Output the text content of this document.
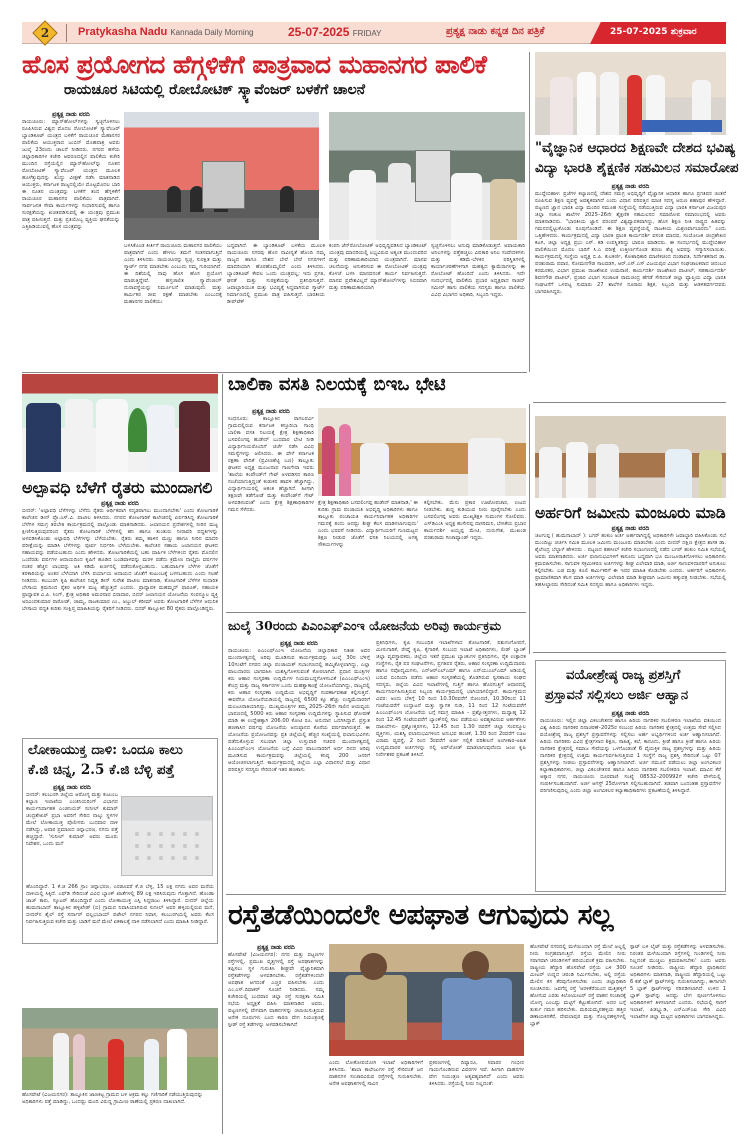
2	Pratykasha Nadu Kannada Daily Morning	25-07-2025 FRIDAY	ಪ್ರತ್ಯಕ್ಷ ನಾಡು ಕನ್ನಡ ದಿನ ಪತ್ರಿಕೆ	25-07-2025 ಶುಕ್ರವಾರ
ಹೊಸ ಪ್ರಯೋಗದ ಹೆಗ್ಗಳಿಕೆಗೆ ಪಾತ್ರವಾದ ಮಹಾನಗರ ಪಾಲಿಕೆ
ರಾಯಚೂರ ಸಿಟಿಯಲ್ಲಿ ರೋಬೋಟಿಕ್ ಸ್ಕ್ಯಾವೆಂಜರ್ ಬಳಕೆಗೆ ಚಾಲನೆ
ಪ್ರತ್ಯಕ್ಷ ನಾಡು ವರದಿ
ರಾಯಚೂರು: ಮ್ಯಾನ್‌ಹೋಲ್‌ಗಳನ್ನು ಸ್ವಚ್ಛಗೊಳಿಸಲು ರೂಪಿಸಿರುವ ವಿಶ್ವದ ಮೊದಲ ರೋಬೋಟಿಕ್ ಸ್ಕ್ಯಾವೆಂಜರ್ ಬ್ಯಾಂಡಿಕೂಟ್ ಯಂತ್ರದ ಬಳಕೆಗೆ ರಾಯಚೂರ ಮಹಾನಗರ ಪಾಲಿಕೆಯ ಆಯುಕ್ತರಾದ ಜುಬಿನ್ ಮೊಹಪಾತ್ರ ಅವರು ಜುಲೈ 23ರಂದು ಚಾಲನೆ ನೀಡಿದರು. ನಗರದ ಹಳೆಯ ಜಿಲ್ಲಾಧಿಕಾರಿಗಳ ಕಚೇರಿ ಆವರಣದಲ್ಲಿನ ಪಾಲಿಕೆಯ ಕಚೇರಿ ಮುಂದಿನ ರಸ್ತೆಯಲ್ಲಿನ ಮ್ಯಾನ್‌ಹೋಲ್‌ನ್ನು ನೂತನ ರೋಬೋಟಿಕ್ ಸ್ಕ್ಯಾವೆಂಜರ್ ಯಂತ್ರದ ಮೂಲಕ ಹೂಳೆತ್ತುವುದನ್ನು ಖುದ್ದು ವೀಕ್ಷಣೆ ನಡೆಸಿ ಮಾತನಾಡಿದ ಆಯುಕ್ತರು, ಕರ್ನಾಟಕ ರಾಜ್ಯದಲ್ಲಿಯೇ ಮೊಟ್ಟಮೊದಲ ಬಾರಿ ಈ ನೂತನ ಯಂತ್ರವನ್ನು ಬಳಕೆಗೆ ತಂದ ಹೆಗ್ಗಳಿಕೆಗೆ ರಾಯಚೂರ ಮಹಾನಗರ ಪಾಲಿಕೆಯು ಪಾತ್ರವಾಗಿದೆ. ಸಾರ್ವಜನಿಕ ಸೇವಾ ಕಾರ್ಯಗಳನ್ನು ಸುಧಾರಿಸುವಲ್ಲಿ ಹಾಗೂ ಸುರಕ್ಷತೆಯನ್ನು ಖಚಿತಪಡಿಸುವಲ್ಲಿ ಈ ಯಂತ್ರವು ಪ್ರಮುಖ ಪಾತ್ರ ವಹಿಸುತ್ತದೆ. ಮತ್ತು ಪ್ರತಿಯೊಬ್ಬ ವ್ಯಕ್ತಿಯ ಘನತೆಯನ್ನು ಎತ್ತಿಹಿಡಿಯುವಲ್ಲಿ ಹೊಸ ಯಂತ್ರವನ್ನು
ಬಳಸಿಕೊಂಡ ಕೀರ್ತಿಗೆ ರಾಯಚೂರು ಮಹಾನಗರ ಪಾಲಿಕೆಯು ಪಾತ್ರವಾಗಿದೆ ಎಂದು ಹೇಳಲು ತಮಗೆ ಸಂತಸವಾಗುತ್ತಿದೆ ಎಂದು ತಿಳಿಸಿದರು. ರಾಯಚೂರನ್ನು ಸ್ವಚ್ಛ, ಸುರಕ್ಷಿತ ಮತ್ತು ಸ್ಮಾರ್ಟ್ ನಗರ ಮಾಡಬೇಕು ಎಂಬುದು ನಮ್ಮ ಗುರಿಯಾಗಿದೆ. ಈ ದಿಶೆಯಲ್ಲಿ ನಾವು ಹೊಸ ಹೊಸ ಪ್ರಯೋಗ ಮಾಡುತ್ತಿದ್ದೇವೆ. ಹಸ್ತಚಾಲಿತ ಸ್ಕ್ಯಾವೆಂಜಿಂಗ್ ದುರಾವಸ್ಥೆಯನ್ನು ನಿರ್ಮೂಲನೆ ಮಾಡುವುದು ಮತ್ತು ಕಾರ್ಮಿಕರ ಜೀವ ರಕ್ಷಣೆ ಮಾಡಬೇಕು ಎಂಬುದಕ್ಕೆ ಮಹಾನಗರ ಪಾಲಿಕೆಯು
ಬದ್ಧವಾಗಿದೆ. ಈ ಬ್ಯಾಂಡಿಕೂಟ್ ಬಳಕೆಯ ಮೂಲಕ ರಾಯಚೂರು ನಗರವು ಹೊಸ ನಾವೀನ್ಯತೆ ಹೊಂದಿ ನಮ್ಮ ರಾಜ್ಯದ ಹಾಗೂ ದೇಶದ ಬೇರೆ ಬೇರೆ ನಗರಗಳಿಗೆ ಮಾದರಿಯಾಗಿ ಹೊರಹೊಮ್ಮಲಿದೆ ಎಂದು ತಿಳಿಸಿದರು. ಬ್ಯಾಂಡಿಕೂಟ್ ಕೇವಲ ಒಂದು ಯಂತ್ರವಲ್ಲ; ಇದು ಪ್ರಗತಿ, ಘನತೆ ಮತ್ತು ಸುರಕ್ಷತೆಯನ್ನು ಪ್ರತಿನಿಧಿಸುತ್ತದೆ. ಜವಾಬ್ದಾರಿಯುತ ಮತ್ತು ಭವಿಷ್ಯಕ್ಕೆ ಸಿದ್ಧವಾಗಿರುವ ಸ್ಮಾರ್ಟ್ ನಿರ್ಮಾಣದಲ್ಲಿ ಪ್ರಮುಖ ಪಾತ್ರ ವಹಿಸುತ್ತದೆ. ಭಾರತೀಯ ಡೀಪ್‌ಟೆಕ್
ಕಂಪನಿ ಜೆನ್‌ರೋಬೋಟಿಕ್ ಅಭಿವೃದ್ಧಿಪಡಿಸಿದ ಬ್ಯಾಂಡಿಕೂಟ್ ಯಂತ್ರವು ಮಾದರಿಯಲ್ಲಿ ಲಭ್ಯವಿರುವ ಅತ್ಯಂತ ಮುಂದುವರಿದ ಮತ್ತು ಪರಿಣಾಮಕಾರಿಯಾದ ಯಂತ್ರವಾಗಿದೆ. ಮಾನವ ಚಲನೆಯನ್ನು ಅನುಕರಿಸುವ ಈ ರೋಬೋಟಿಕ್ ಯಂತ್ರವು ಕೊಳಚೆ ಬಳಸಿ ಮಾನವನಂತೆ ಕಾರ್ಯ ನಿರ್ವಹಿಸುತ್ತದೆ. ಮಾನವ ಪ್ರವೇಶವಿಲ್ಲದೆ ಮ್ಯಾನ್‌ಹೋಲ್‌ಗಳನ್ನು ಸಿಬಿರವಾಗಿ ಮತ್ತು ಪರಿಣಾಮಕಾರಿಯಾಗಿ
ಸ್ವಚ್ಛಗೊಳಿಸಲು ಅನುವು ಮಾಡಿಕೊಡುತ್ತದೆ. ಅಪಾಯಕಾರಿ ಅನಿಲಗಳನ್ನು ಪತ್ತೆಹಚ್ಚಲು ವಿಷಕಾರಿ ಅನಿಲ ಸಂವೇದಕಗಳು ಮತ್ತು ಕಡಿಮೆ-ಬೆಳಕಿನ ಪರಿಸ್ಥಿತಿಗಳಲ್ಲಿ ಕಾರ್ಯಾಚರಣೆಗಳಿಗಾಗಿ ಮಹತ್ವದ ಕ್ಯಾಮೆರಾಗಳನ್ನು ಈ ರೋಬೋಟ್ ಹೊಂದಿದೆ ಎಂದು ತಿಳಿಸಿದರು. ಇದೇ ಸಂದರ್ಭದಲ್ಲಿ ಪಾಲಿಕೆಯ ಪ್ರಭಾರ ಅಧ್ಯಕ್ಷರಾದ ಸಾಜಿದ್ ಸಮೀರ್ ಹಾಗು ಪಾಲಿಕೆಯ ಸದಸ್ಯರು ಹಾಗೂ ಪಾಲಿಕೆಯ ವಿವಿಧ ವಿಭಾಗದ ಅಧಿಕಾರಿ, ಸಿಬ್ಬಂದಿ ಇದ್ದರು.
"ವೈಜ್ಞಾನಿಕ ಆಧಾರದ ಶಿಕ್ಷಣವೇ ದೇಶದ ಭವಿಷ್ಯ
ವಿದ್ಯಾ ಭಾರತಿ ಶೈಕ್ಷಣಿಕ ಸಹಮಿಲನ ಸಮಾರೋಪ
ಪ್ರತ್ಯಕ್ಷ ನಾಡು ವರದಿ
ಮುದ್ದೇಬಿಹಾಳ: ಪ್ರಜೆಗಳ ಕಲ್ಯಾಣದಲ್ಲಿ ದೇಶದ ಸಮಗ್ರ ಅಭಿವೃದ್ಧಿಗೆ ವೈಜ್ಞಾನಿಕ ಆಧಾರಿತ ಹಾಗೂ ಪ್ರಗತಿಪರ ಚಿಂತನೆ ರೂಪಿಸುವ ಶಿಕ್ಷಣ ವ್ಯವಸ್ಥೆ ಅವಶ್ಯಕವಾಗಿದೆ ಎಂದು ವಿಧಾನ ಪರಿಷತ್ತಿನ ಮಾಜಿ ಸದಸ್ಯ ಅರುಣ ಶಹಾಪುರ ಹೇಳಿದ್ದಾರೆ. ಪಟ್ಟಣದ ಜ್ಞಾನ ಭಾರತಿ ವಿದ್ಯಾ ಮಂದಿರ ಸಮೂಹ ಸಂಸ್ಥೆಯಲ್ಲಿ ನಡೆಯುತ್ತಿರುವ ವಿದ್ಯಾ ಭಾರತಿ ಕರ್ನಾಟಕ ವಿಜಯಪುರ ಜಿಲ್ಲಾ ಸಂಕುಲ ಶಾಲೆಗಳ 2025–26ನೇ ಶೈಕ್ಷಣಿಕ ಸಹಮಿಲನದ ಸಮಾರೋಪ ಸಮಾರಂಭದಲ್ಲಿ ಅವರು ಮಾತನಾಡಿದರು. "ಭಾರತೀಯ ಜ್ಞಾನ ಪರಂಪರೆ ವಿಶ್ವವ್ಯಾಪಕವಾಗಿದ್ದು, ಹೊಸ ಶಿಕ್ಷಣ ನೀತಿ ರಾಷ್ಟ್ರದ ಹಿತವನ್ನು ಗಮನದಲ್ಲಿಟ್ಟುಕೊಂಡು ರೂಪುಗೊಂಡಿದೆ. ಈ ಶಿಕ್ಷಣ ವ್ಯವಸ್ಥೆಯಲ್ಲಿ ರಾಜಕೀಯ ಮಿಶ್ರಣವಾಗಬಾರದು" ಎಂದು ಒತ್ತಿಹೇಳಿದರು. ಕಾರ್ಯಕ್ರಮದಲ್ಲಿ ವಿದ್ಯಾ ಭಾರತಿ ಪ್ರಾಂತ ಕಾರ್ಯದರ್ಶಿ ವಸಂತ ಮಾಧವ, ಸಂಯೋಜಕ ಚಂದ್ರಶೇಖರ ಕಟಗಿ, ಜಿಲ್ಲಾ ಅಧ್ಯಕ್ಷ ಪ್ರಭು ಎಸ್. ಕಡಿ ಉಪಸ್ಥಿತರಿದ್ದು ಭಾಷಣ ಮಾಡಿದರು. ಈ ಸಂದರ್ಭದಲ್ಲಿ ಮುದ್ದೇಬಿಹಾಳ ಪಾಲಿಕೆಯಿಂದ ಮೊದಲ ಬಾರಿಗೆ ಸಿ.ಎ ಪರೀಕ್ಷೆ ಉತ್ತೀರ್ಣಗೊಂಡ ಶರಣು ಶೆಟ್ಟಿ ಅವರನ್ನು ಸನ್ಮಾನಿಸಲಾಯಿತು. ಕಾರ್ಯಕ್ರಮದಲ್ಲಿ ಸಂಸ್ಥೆಯ ಅಧ್ಯಕ್ಷ ಬಿ.ಪಿ. ಕುಲಕರ್ಣಿ, ಕೋಶಾಧಿಕಾರಿ ಮಾಣಿಕಚಂದ ದಂಡಾವತಿ, ನಿರ್ದೇಶಕರಾದ ಡಾ. ಪರಶುರಾಮ ಪವಾರ, ಸೋಮನಗೌಡ ಸಾಲವಡಗಿ, ಆರ್‌.ಎಸ್‌.ಎಸ್ ವಿಜಯಪುರ ವಿಭಾಗ ಸಂಘಚಾಲಕರಾದ ಚಿದಂಬರ ಕರಮರಕರ, ವಿಭಾಗ ಪ್ರಮುಖ ರಾಜಶೇಖರ ಉಮರಾಣಿ, ಕಾರ್ಯದರ್ಶಿ ರಾಜಶೇಖರ ಪಾಟೀಲ್, ಸಹಕಾರ್ಯದರ್ಶಿ ಶಿವನಗೌಡ ಪಾಟೀಲ್, ಪ್ರಚಾರ ವಿಭಾಗ ಸಂಚಾಲಕ ರಾಮಚಂದ್ರ ಹೆಗಡೆ ಸೇರಿದಂತೆ ಜಿಲ್ಲಾ ವ್ಯಾಪ್ತಿಯ ವಿದ್ಯಾ ಭಾರತಿ ಸಂಘಟನೆಗೆ ಒಳಪಟ್ಟ ಸುಮಾರು 27 ಶಾಲೆಗಳ ನೂರಾರು ಶಿಕ್ಷಕ, ಸಿಬ್ಬಂದಿ ಮತ್ತು ಆಡಳಿತವರ್ಗದವರು ಭಾಗವಹಿಸಿದ್ದರು.
ಅಲ್ಪಾವಧಿ ಬೆಳೆಗೆ ರೈತರು ಮುಂದಾಗಲಿ
ಪ್ರತ್ಯಕ್ಷ ನಾಡು ವರದಿ
ಬೀದರ್: 'ಅಲ್ಪಾವಧಿ ಬೆಳೆಗಳನ್ನು ಬೆಳೆದು ರೈತರು ಆರ್ಥಿಕವಾಗಿ ಸದೃಢರಾಗಲು ಮುಂದಾಗಬೇಕು' ಎಂದು ತೋಟಗಾರಿಕೆ ಕಾಲೇಜಿನ ಡೀನ್ ಪ್ರೊ.ಎಸ್.ವಿ. ಪಾಟೀಲ ತಿಳಿಸಿದರು. ನಗರದ ತೋಟಗಾರಿಕೆ ಕಾಲೇಜಿನಲ್ಲಿ ಏರ್ಪಡಿಸಿದ್ದ ತೋಟಗಾರಿಕೆ ಬೆಳೆಗಳ ಸಮಗ್ರ ತರಬೇತಿ ಕಾರ್ಯಕ್ರಮದಲ್ಲಿ ಪಾಲ್ಗೊಂಡು ಮಾತನಾಡಿದರು. ಜಲಾನಯನ ಪ್ರದೇಶಗಳಲ್ಲಿ ನೀರಿನ ಮಟ್ಟ ಕ್ಷೀಣಿಸುತ್ತಿರುವುದರಿಂದ ರೈತರು ತೋಟಗಾರಿಕೆ ಬೆಳೆಗಳಲ್ಲಿ ಹನಿ ಹಾಗೂ ತುಂತುರು ನೀರಾವರಿ ಪದ್ಧತಿಗಳನ್ನು ಅಳವಡಿಸಿಕೊಂಡು ಅಲ್ಪಾವಧಿ ಬೆಳೆಗಳನ್ನು ಬೆಳೆಯಬೇಕು. ರೈತರು ತಮ್ಮ ಹಾಳಿನ ಮಣ್ಣು ಹಾಗೂ ನೀರಿನ ಮಾದರಿ ಪರೀಕ್ಷೆಯನ್ನು ಮಾಡಿಸಿ ಬೆಳೆಗಳನ್ನು ಪೂರ್ವ ನಿರ್ಧರಿಸಿ ಬೆಳೆಯಬೇಕು. ಕಾಲೇಜಿನ ಸಹಾಯ ಜಲಾನಯನ ಘಟಕದ ಸಹಾಯವನ್ನು ಪಡೆಯಬಹುದು ಎಂದು ಹೇಳಿದರು. ತೋಟಗಾರಿಕೆಯಲ್ಲಿ ಬಹು ವಾರ್ಷಿಕ ಬೆಳೆಗಳಿಂದ ರೈತರು ಮೊದಲಿನ ಒಂದೆರಡು ವರ್ಷಗಳ ಆದಾಯದಿಂದ ಕೃಷಿಗೆ ಹೂಡಿದ ಬಂಡವಾಳವನ್ನು ಮರಳಿ ಪಡೆದು ಕ್ರಮೇಣ ನಾಲ್ಕೈದು ವರ್ಷಗಳ ನಂತರ ಹೆಚ್ಚಿನ ಲಾಭವನ್ನು ಅತಿ ಕಡಿಮೆ ಖರ್ಚಿನಲ್ಲಿ ಪಡೆದುಕೊಳ್ಳಬಹುದು. ಬಹುವಾರ್ಷಿಕ ಬೆಳೆಗಳ ಜೊತೆಗೆ ತರಕಾರಿಯನ್ನು ಅಂತರ ಬೆಳೆಯಾಗಿ ಬೆಳೆಸಿ ಪರ್ಯಾಯ ಆದಾಯದ ಜೊತೆಗೆ ಕುಟುಂಬಕ್ಕೆ ಬಳಸಬಹುದು ಎಂದು ಸಲಹೆ ನೀಡಿದರು. ಕಲಬುರಗಿ ಕೃಷಿ ಕಾಲೇಜಿನ ನಿವೃತ್ತ ಡೀನ್ ಸುರೇಶ ಪಾಟೀಲ ಮಾತನಾಡಿ, ತೋಟಗಾರಿಕೆ ಬೆಳೆಗಳ ಸುಧಾರಿತ ಬೇಸಾಯ ಕ್ರಮದಿಂದ ರೈತರ ಆರ್ಥಿಕ ಮಟ್ಟ ಹೆಚ್ಚುತ್ತದೆ ಎಂದರು. ಪ್ರಾಧ್ಯಾಪಕ ಮಹಮ್ಮದ್ ಫಾರೂಕ್, ಸಹಾಯಕ ಪ್ರಾಧ್ಯಾಪಕ ವಿ.ಪಿ. ಸಿಂಗ್, ಕ್ಷೇತ್ರ ಅಧಿಕಾರಿ ಅಮರನಾಥ ಬಿರಾದಾರ, ಬಿದರ್ ಜಲಾನಯನ ಯೋಜನೆಯ ಸಂಪನ್ಮೂಲ ವ್ಯಕ್ತಿ ಅರವಿಂದಕುಮಾರ ರಾಠೋಡ್, ಚಾಮ್ಯ, ರಾಜಕುಮಾರ ಎಂ., ಅಬ್ದುಲ್ ಕರೀಮ್ ಅವರು ತೋಟಗಾರಿಕೆ ಬೆಳೆಗಳ ಆಧುನಿಕ ಬೇಸಾಯ ಪದ್ಧತಿ ಕುರಿತು ಸಂಕ್ಷಿಪ್ತ ಮಾಹಿತಿಯನ್ನು ರೈತರಿಗೆ ನೀಡಿದರು. ಬಿದರ್ ತಾಲ್ಲೂಕಿನ 80 ರೈತರು ಪಾಲ್ಗೊಂಡಿದ್ದರು.
ಬಾಲಿಕಾ ವಸತಿ ನಿಲಯಕ್ಕೆ ಬಿಇಒ ಭೇಟಿ
ಪ್ರತ್ಯಕ್ಷ ನಾಡು ವರದಿ
ಸಿಂಧನೂರು: ತಾಲ್ಲೂಕಿನ ರಾಗಲಪರ್ವಿ ಗ್ರಾಮದಲ್ಲಿರುವ ಕರ್ನಾಟಕ ಕಸ್ತೂರಿಬಾ ಗಾಂಧಿ ಬಾಲಿಕಾ ವಸತಿ ನಿಲಯಕ್ಕೆ ಕ್ಷೇತ್ರ ಶಿಕ್ಷಣಾಧಿಕಾರಿ ಬಸವಲಿಂಗಪ್ಪ ಹುಡೇದ್ ಬುಧವಾರ ಭೇಟಿ ನೀಡಿ ವಿದ್ಯಾರ್ಥಿನಿಯರೊಂದಿಗೆ ಚರ್ಚೆ ನಡೆಸಿ ವಿವಿಧ ಸಮಸ್ಯೆಗಳನ್ನು ಆಲಿಸಿದರು. ಈ ವೇಳೆ ಕರ್ನಾಟಕ ರಕ್ಷಣಾ ವೇದಿಕೆ (ಪ್ರವೀಣಶೆಟ್ಟಿ ಬಣ) ತಾಲ್ಲೂಕು ಘಟಕದ ಅಧ್ಯಕ್ಷ ಮಂಜುನಾಥ ಗಾಣಗೇರಾ ಇವರು 'ಶಾಲೆಯ ಕಂಪೌಂಡ್‌ಗೆ ಗೇಟ್ ಅಳವಡಿಸದ ಕಾರಣ ಸಂಜೆಯಾಗುತ್ತಿದ್ದಂತೆ ಕುಡುಕರ ಹಾವಳಿ ಹೆಚ್ಚಾಗಿದ್ದು, ವಿದ್ಯಾರ್ಥಿನಿಯರಲ್ಲಿ ಆತಂಕ ಹೆಚ್ಚಾಗಿದೆ. ಹೀಗಾಗಿ ತಕ್ಷಣವೇ ತಡೆಗೋಡೆ ಮತ್ತು ಕಂಪೌಂಡ್‌ಗೆ ಗೇಟ್ ಅಳವಡಿಸುವಂತೆ' ಎಂದು ಕ್ಷೇತ್ರ ಶಿಕ್ಷಣಾಧಿಕಾರಿಗಳ ಗಮನ ಸೆಳೆದರು.
ಕ್ಷೇತ್ರ ಶಿಕ್ಷಣಾಧಿಕಾರಿ ಬಸವಲಿಂಗಪ್ಪ ಹುಡೇದ್ ಮಾತನಾಡಿ,' ಈ ಕುರಿತು ಗ್ರಾಮ ಪಂಚಾಯತಿ ಅಭಿವೃದ್ಧಿ ಅಧಿಕಾರಿಗಳು ಹಾಗೂ ತಾಲ್ಲೂಕು ಪಂಚಾಯತಿ ಕಾರ್ಯನಿರ್ವಾಹಕ ಅಧಿಕಾರಿಗಳ ಗಮನಕ್ಕೆ ತಂದು ಆದಷ್ಟು ಶೀಘ್ರ ಕೆಲಸ ಮಾಡಿಸಲಾಗುವುದು' ಎಂದು ಭರವಸೆ ನೀಡಿದರು. ವಿದ್ಯಾರ್ಥಿನಿಯರಿಗೆ ಗುಣಮಟ್ಟದ ಶಿಕ್ಷಣ ನೀಡುವ ಜೊತೆಗೆ ವಸತಿ ನಿಲಯದಲ್ಲಿ ಅಗತ್ಯ ಸೌಕರ್ಯಗಳನ್ನು
ಕಲ್ಪಿಸಬೇಕು. ಮೆನು ಪ್ರಕಾರ ಊಟೋಪಚಾರ, ಉಟದ ನೀಡಬೇಕು. ಶುದ್ಧ ಕುಡಿಯುವ ನೀರು ಪೂರೈಸಬೇಕು ಎಂದು ಬಸವಲಿಂಗಪ್ಪ ಅವರು ಮುಖ್ಯಶಿಕ್ಷಕಿ ಸುಮಂಗಳ ಸೋಲಿವರು. ಎಸ್‌ಡಿಎಂಸಿ ಅಧ್ಯಕ್ಷ ಹುಸೇನಪ್ಪ ದಾಸರಿಮನಿ, ಬೇಸಿಕೆಯ ಪ್ರಭಾರ ಕಾರ್ಯದರ್ಶಿ ಅಯ್ಯಪ್ಪ ಮೇಟಿ, ದುರುಗೇಶ, ಮುಖಂಡ ಪರಶುರಾಮ ಗೀಚಾಪ್ಯಾಂಡ್ ಇದ್ದರು.
ಅರ್ಹರಿಗೆ ಜಮೀನು ಮಂಜೂರು ಮಾಡಿ
ಪ್ರತ್ಯಕ್ಷ ನಾಡು ವರದಿ
ಚಿಟಗುಪ್ಪ ( ಹುಮನಾಬಾದ್ ): ಬಗರ್ ಹುಕುಂ ಅರ್ಜಿ ಅರ್ಹರಾಗಿದ್ದಲ್ಲಿ ಅಧಿಕಾರಿಗಳೇ ಜವಾಬ್ದಾರಿ ವಹಿಸಿಕೊಂಡು ಸಭೆ ಮುಂದಿಟ್ಟು ಚರ್ಚಿಸಿ ಸಮಿತಿ ಮೂಲಕ ಜಮೀನು ಮಂಜೂರು ಮಾಡಬೇಕು ಎಂದು ಬೀದರ್ ದಕ್ಷಿಣ ಕ್ಷೇತ್ರದ ಶಾಸಕ ಡಾ. ಶೈಲೇಂದ್ರ ಬೆಲ್ದಾಳೆ ಹೇಳಿದರು . ಪಟ್ಟಣದ ತಹಸೀಲ್ ಕಚೇರಿ ಸಭಾಂಗಣದಲ್ಲಿ ನಡೆದ ಬಗರ್ ಹುಕುಂ ಸಮಿತಿ ಸಭೆಯಲ್ಲಿ ಅವರು ಮಾತನಾಡಿದರು. ಅರ್ಜಿ ಫಲಾನುಭವಿಗಳಿಗೆ ಕಾನೂನು ಬದ್ಧವಾಗಿ ಭೂ ಮಂಜೂರಾತಿಗೊಳಿಸಲು ಅಧಿಕಾರಿಗಳು ಕ್ರಮವಹಿಸಬೇಕು. ಸಾಗುವಳಿ ಸಕ್ರಮೀಕರಣ ಅರ್ಜಿಗಳನ್ನು ಶೀಘ್ರ ವಿಲೇವಾರಿ ಮಾಡಿ, ಅರ್ಜಿ ಸಾಗುವಳಿದಾರರಿಗೆ ಅನುಕೂಲ ಕಲ್ಪಿಸಬೇಕು. ಬಡ ಮತ್ತು ಕೂಲಿ ಕಾರ್ಮಿಕರಿಗೆ ಈ ಇದರ ಮಾಹಿತಿ ಕೊಡಬೇಕು ಎಂದರು. ಅರ್ಹರಿಗೆ ಅಧಿಕಾರಿಗಳು ಪ್ರಾಮಾಣಿಕವಾಗಿ ಕೆಲಸ ಮಾಡಿ ಅರ್ಜಿಗಳನ್ನು ವಿಲೇವಾರಿ ಮಾಡಿ ಶೀಘ್ರವಾಗಿ ಜಮೀನು ಹಕ್ಕುಪತ್ರ ನೀಡಬೇಕು. ಸಭೆಯಲ್ಲಿ ತಹಸೀಲ್ದಾರರು ಸೇರಿದಂತೆ ಸಮಿತಿ ಸದಸ್ಯರು ಹಾಗೂ ಅಧಿಕಾರಿಗಳು ಇದ್ದರು.
ಜುಲೈ 30ರಂದು ಪಿಎಂಎಫ್‌ಎಂಇ ಯೋಜನೆಯ ಅರಿವು ಕಾರ್ಯಕ್ರಮ
ಪ್ರತ್ಯಕ್ಷ ನಾಡು ವರದಿ
ರಾಯಚೂರು: ಪಿಎಂಎಫ್‌ಎಂಇ ಯೋಜನೆಯ ಜಿಲ್ಲಾಧಿಕಾರಿ ನಿತೀಶ ಅವರ ಮುಂದಾಳತ್ವದಲ್ಲಿ ಅರಿವು ಮೂಡಿಸುವ ಕಾರ್ಯಕ್ರಮವನ್ನು ಜುಲೈ 30ರ ಬೆಳಿಗ್ಗೆ 10ಗಂಟೆಗೆ ನಗರದ ಜಿಲ್ಲಾ ಪಂಚಾಯತ್ ಸಭಾಂಗಣದಲ್ಲಿ ಹಮ್ಮಿಕೊಳ್ಳಲಾಗಿದ್ದು, ಎಲ್ಲಾ ಪಾಲುದಾರರು ಭಾಗವಹಿಸಿ ಯಶಸ್ವಿಗೊಳಿಸುವಂತೆ ಕೋರಲಾಗಿದೆ. ಪ್ರಧಾನ ಮಂತ್ರಿಗಳ ಕಿರು ಆಹಾರ ಸಂಸ್ಕರಣಾ ಉದ್ದಿಮೆಗಳ ನಿಯಮಬದ್ಧಗೊಳಿಸುವಿಕೆ (ಪಿಎಂಎಫ್‌ಎಂಇ) ಕೇಂದ್ರ ಮತ್ತು ರಾಜ್ಯ ಸರ್ಕಾರಗಳ ಒಂದು ಮಹತ್ವಾಕಾಂಕ್ಷೆ ಯೋಜನೆಯಾಗಿದ್ದು, ರಾಜ್ಯದಲ್ಲಿ ಕಿರು ಆಹಾರ ಸಂಸ್ಕರಣಾ ಉದ್ದಿಮೆಯ ಅಭಿವೃದ್ಧಿಗೆ ಸುವರ್ಣಾವಕಾಶ ಕಲ್ಪಿಸುತ್ತದೆ. ಈವರೆಗೂ ಯೋಜನೆಯಡಿಯಲ್ಲಿ ರಾಜ್ಯದಲ್ಲಿ 6500 ಕ್ಕೂ ಹೆಚ್ಚು ಉದ್ದಿಮೆದಾರರಿಗೆ ಮಂಜೂರಾತಿಯಾಗಿದ್ದು, ಮುಖ್ಯಮಂತ್ರಿಗಳ ತಮ್ಮ 2025–26ನೇ ಸಾಲಿನ ಆಯವ್ಯಯ ಭಾಷಣದಲ್ಲಿ 5000 ಕಿರು ಆಹಾರ ಸಂಸ್ಕರಣಾ ಉದ್ದಿಮೆಗಳನ್ನು ಸ್ಥಾಪಿಸುವ ಘೋಷಣೆ ಮಾಡಿ ಈ ಉದ್ದೇಶಕ್ಕಾಗಿ 206.00 ಕೋಟಿ ರೂ. ಅನುದಾನ ಒದಗಿಸಿದ್ದಾರೆ. ಪ್ರಸ್ತುತ ಹಣಕಾಸಿನ ವರ್ಷವು ಯೋಜನೆಯ ಅನುಷ್ಠಾನದ ಕೊನೆಯ ವರ್ಷವಾಗಿರುತ್ತದೆ. ಈ ಯೋಜನೆಯ ಪ್ರಯೋಜನವನ್ನು ಪ್ರತಿ ಜಿಲ್ಲೆಯಲ್ಲಿ ಹೆಚ್ಚಿನ ಸಂಖ್ಯೆಯಲ್ಲಿ ಫಲಾನುಭವಿಗಳು ಪಡೆದುಕೊಳ್ಳುವ ಸಲುವಾಗಿ ಜಿಲ್ಲಾ ಉಸ್ತುವಾರಿ ಸಚಿವರ ಮುಂದಾಳತ್ವದಲ್ಲಿ ಪಿಎಂಎಫ್‌ಎಂಇ ಯೋಜನೆಯ ಬಗ್ಗೆ ವಿವಿಧ ಪಾಲುದಾರರಿಗೆ ಅರ್ಧ ದಿನದ ಅರಿವು ಮೂಡಿಸುವ ಕಾರ್ಯಕ್ರಮವನ್ನು ಜಿಲ್ಲೆಯಲ್ಲಿ ಕನಿಷ್ಠ 200 ಜನರಿಗೆ ಆಯೋಜಿಸಲಾಗುತ್ತಿದೆ. ಕಾರ್ಯಕ್ರಮದಲ್ಲಿ ಜಿಲ್ಲೆಯ ಎಲ್ಲಾ ವಿಧಾನಸಭೆ ಮತ್ತು ವಿಧಾನ ಪರಿಷತ್ತಿನ ಸದಸ್ಯರು ಸೇರಿದಂತೆ ಇತರ ಹಣಕಾಸು
ಪ್ರತಿನಿಧಿಗಳು, ಕೃಷಿ ಸಂಬಂಧಿತ ಇಲಾಖೆಗಳಾದ ತೋಟಗಾರಿಕೆ, ಪಶುಸಂಗೋಪನೆ, ಮೀನುಗಾರಿಕೆ, ರೇಷ್ಮೆ ಕೃಷಿ, ಕೈಗಾರಿಕೆ, ಸಂಬಂಧ ಇಲಾಖೆ ಅಧಿಕಾರಿಗಳು, ಲೀಡ್ ಬ್ಯಾಂಕ್ ಜಿಲ್ಲಾ ವ್ಯವಸ್ಥಾಪಕರು, ಜಿಲ್ಲೆಯ ಇತರೆ ಪ್ರಮುಖ ಬ್ಯಾಂಕುಗಳ ಪ್ರತಿನಿಧಿಗಳು, ರೈತ ಉತ್ಪಾದಕ ಸಂಸ್ಥೆಗಳು, ರೈತ ಪರ ಸಂಘಟನೆಗಳು, ಪ್ರಗತಿಪರ ರೈತರು, ಆಹಾರ ಸಂಸ್ಕರಣಾ ಉದ್ದಿಮೆದಾರರು ಹಾಗೂ ನವೋದ್ಯಮಿಗಳು, ಎನ್‌ಆರ್‌ಎಲ್‌ಎಮ್ ಹಾಗೂ ಎನ್‌ಯುಎಲ್‌ಎಮ್ ಅಡಿಯಲ್ಲಿ ಬರುವ ಬಿಂದಿಯಾ ಪಡೆದು ಆಹಾರ ಸಂಸ್ಕರಣೆಯಲ್ಲಿ ತೊಡಗಿರುವ ಸ್ವಸಹಾಯ ಸಂಘದ ಸದಸ್ಯರು, ಜಿಲ್ಲೆಯ ವಿವಿಧ ಇಲಾಖೆಗಳಲ್ಲಿ ಗುತ್ತಿಗೆ ಹಾಗೂ ಹೊರಗುತ್ತಿಗೆ ಆಧಾರದಲ್ಲಿ ಕಾರ್ಯನಿರ್ವಹಿಸುತ್ತಿರುವ ಸಿಬ್ಬಂದಿ ಕಾರ್ಯಕ್ರಮದಲ್ಲಿ ಭಾಗಿಯಾಗಲಿದ್ದಾರೆ. ಕಾರ್ಯಕ್ರಮದ ವಿವರ: ಅಂದು ಬೆಳಿಗ್ಗೆ 10 ರಿಂದ 10.30ರವರೆಗೆ ನೋಂದಣಿ, 10.30ರಿಂದ 11 ಗಂಟೆಯವರೆಗೆ ಉದ್ಘಾಟನೆ ಮತ್ತು ಸ್ವಾಗತ ನುಡಿ, 11 ರಿಂದ 12 ಗಂಟೆಯವರೆಗೆ ಪಿಎಂಎಫ್‌ಎಂಇ ಯೋಜನೆಯ ಬಗ್ಗೆ ಸಮಗ್ರ ಮಾಹಿತಿ – ಪ್ರಶ್ನೋತ್ತರಗಳು, ಮಧ್ಯಾಹ್ನ 12 ರಿಂದ 12.45 ಗಂಟೆಯವರೆಗೆ ಬ್ಯಾಂಕ್‌ನಲ್ಲಿ ಸಾಲ ಪಡೆಯಲು ಅವಶ್ಯಕವಿರುವ ಅರ್ಹತೆಗಳು ದಾಖಲೆಗಳು- ಪ್ರಶ್ನೋತ್ತರಗಳು, 12.45 ರಿಂದ 1.30 ರವರೆಗೆ ಜಿಲ್ಲಾ ಸಂಪನ್ಮೂಲ ವ್ಯಕ್ತಿಗಳು, ಯಶಸ್ವಿ ಫಲಾನುಭವಿಗಳಿಂದ ಅನುಭವ ಹಂಚಿಕೆ, 1.30 ರಿಂದ 2ರವರೆಗೆ ಊಟ ವಿರಾಮ ವ್ಯವಸ್ಥೆ, 2 ರಿಂದ 3ರವರೆಗೆ ಅರ್ಜಿ ಸಲ್ಲಿಕೆ ಪರಿಶೀಲನೆ ಅಂಗೀಕಾರ-ಅಹಿತ ಉದ್ಯಮದಾರರ ಅರ್ಜಿಗಳನ್ನು ನಲ್ಲಿ ಅಪ್‌ಲೋಡ್ ಮಾಡಲಾಗುವುದೆಂದು ಜಂಟಿ ಕೃಷಿ ನಿರ್ದೇಶಕರ ಪ್ರಕಟಣೆ ತಿಳಿಸಿದೆ.
ವಯೋಶ್ರೇಷ್ಠ ರಾಜ್ಯ ಪ್ರಶಸ್ತಿಗೆ
ಪ್ರಸ್ತಾವನೆ ಸಲ್ಲಿಸಲು ಅರ್ಜಿ ಆಹ್ವಾನ
ಪ್ರತ್ಯಕ್ಷ ನಾಡು ವರದಿ
ರಾಯಚೂರು: ಇಲ್ಲಿನ ಜಿಲ್ಲಾ ವಿಕಲಚೇತನರ ಹಾಗೂ ಹಿರಿಯ ನಾಗರಿಕರ ಸಬಲೀಕರಣ ಇಲಾಖೆಯ ವತಿಯಿಂದ ವಿಶ್ವ ಹಿರಿಯ ನಾಗರಿಕರ ದಿನಾಚರಣೆ–2025ರ ಸಂಬಂಧ ಹಿರಿಯ ನಾಗರಿಕರ ಕ್ಷೇತ್ರದಲ್ಲಿ ಉತ್ತಮ ಸೇವೆ ಸಲ್ಲಿಸಿದ ವಯೋಶ್ರೇಷ್ಠ ರಾಜ್ಯ ಪ್ರಶಸ್ತಿಗೆ ಪ್ರಸ್ತಾವನೆಗಳನ್ನು ಸಲ್ಲಿಸಲು ಅರ್ಹ ಅಭ್ಯರ್ಥಿಗಳಿಂದ ಅರ್ಜಿ ಆಹ್ವಾನಿಸಲಾಗಿದೆ. ಹಿರಿಯ ನಾಗರಿಕರು ವಿವಿಧ ಕ್ಷೇತ್ರಗಳಾದ ಶಿಕ್ಷಣ, ಸಾಹಿತ್ಯ, ಕಲೆ, ಕಾನೂನು, ಕ್ರೀಡೆ ಹಾಗೂ ಕ್ರೀಡೆ ಹಾಗೂ ಹಿರಿಯ ನಾಗರಿಕರ ಕ್ಷೇತ್ರದಲ್ಲಿ ಸಮಾಜ ಸೇವೆಯನ್ನು ಒಳಗೊಂಡಂತೆ 6 ವೈಯಕ್ತಿಕ ರಾಜ್ಯ ಪ್ರಶಸ್ತಿಗಳನ್ನು ಮತ್ತು ಹಿರಿಯ ನಾಗರಿಕರ ಕ್ಷೇತ್ರದಲ್ಲಿ ಉತ್ತಮ ಕಾರ್ಯನಿರ್ವಹಿಸುತ್ತಿರುವ 1 ಸಂಸ್ಥೆಗೆ ರಾಜ್ಯ ಪ್ರಶಸ್ತಿ ಸೇರಿದಂತೆ ಒಟ್ಟು 07 ಪ್ರಶಸ್ತಿಗಳನ್ನು ನೀಡಲು ಪ್ರಸ್ತಾವನೆಗಳನ್ನು ಆಹ್ವಾನಿಸಲಾಗಿದೆ. ಅರ್ಜಿ ನಮೂನೆ ಪಡೆಯಲು ಜಿಲ್ಲಾ ಅಂಗವಿಕಲರ ಕಲ್ಯಾಣಾಧಿಕಾರಿಗಳು, ಜಿಲ್ಲಾ ವಿಕಲಚೇತನರ ಹಾಗೂ ಹಿರಿಯ ನಾಗರಿಕರ ಸಬಲೀಕರಣ ಇಲಾಖೆ, ಮಾವಿನ ಕೆರೆ ಅಕ್ಕಾದ ನಗರ, ರಾಯಚೂರು ದೂರವಾಣಿ ಸಂಖ್ಯೆ 08532–200992ಗೆ ಕಚೇರಿ ವೇಳೆಯಲ್ಲಿ ಸಂಪರ್ಕಿಸಬಹುದಾಗಿದೆ. ಅರ್ಜಿ ಆಗಸ್ಟ್ 25ರೊಳಗಾಗಿ ಸಲ್ಲಿಸಬಹುದಾಗಿದೆ. ತಡವಾಗಿ ಬಂದಂತಹ ಪ್ರಸ್ತಾವನೆಗಳ ಪರಿಗಣಿಸುವುದಿಲ್ಲ ಎಂದು ಜಿಲ್ಲಾ ಅಂಗವಿಕಲರ ಕಲ್ಯಾಣಾಧಿಕಾರಿಗಳು ಪ್ರಕಟಣೆಯಲ್ಲಿ ತಿಳಿಸಿದ್ದಾರೆ.
ಲೋಕಾಯುಕ್ತ ದಾಳಿ: ಒಂದೂ ಕಾಲು
ಕೆ.ಜಿ ಚಿನ್ನ, 2.5 ಕೆ.ಜಿ ಬೆಳ್ಳಿ ಪತ್ತೆ
ಪ್ರತ್ಯಕ್ಷ ನಾಡು ವರದಿ
ಬೀದರ್: ಕಲಬುರಗಿ ಜಿಲ್ಲೆಯ ಆರೋಗ್ಯ ಮತ್ತು ಕುಟುಂಬ ಕಲ್ಯಾಣ ಇಲಾಖೆಯ ಎಂಜಿನಿಯರಿಂಗ್ ವಿಭಾಗದ ಕಾರ್ಯನಿರ್ವಾಹಕ ಎಂಜಿನಿಯರ್ ಸುನೀಲ್ ಕುಮಾರ್ ಚಂದ್ರಶೇಖರ್ ಪ್ರಭಾ ಅವರಿಗೆ ಸೇರಿದ ನಾಲ್ಕು ಸ್ಥಳಗಳ ಮೇಲೆ ಲೋಕಾಯುಕ್ತ ಪೊಲೀಸರು ಬುಧವಾರ ದಾಳಿ ನಡೆಸಿದ್ದು, ಅಪಾರ ಪ್ರಮಾಣದ ಚಿನ್ನಾಭರಣ, ನಗದು ಪತ್ತೆ ಹಚ್ಚಿದ್ದಾರೆ. 'ಸುನೀಲ್ ಕುಮಾರ್ ಅವರು ಮೂರು ನಿವೇಶನ, ಒಂದು ಮನೆ
ಹೊಂದಿದ್ದಾರೆ. 1 ಕೆ.ಜಿ 266 ಗ್ರಾಂ ಚಿನ್ನಾಭರಣ, ಎರಡೂವರೆ ಕೆ.ಜಿ ಬೆಳ್ಳಿ, 15 ಲಕ್ಷ ನಗದು ಅವರ ಮನೆಯ ದಾಳಿಯಲ್ಲಿ ಸಿಕ್ಕಿದೆ. ಎಫ್‌ಡಿ ಸೇರಿದಂತೆ ವಿವಿಧ ಬ್ಯಾಂಕ್ ಖಾತೆಗಳಲ್ಲಿ 89 ಲಕ್ಷ ಇರಿಸಿರುವುದು ಗೊತ್ತಾಗಿದೆ. ಹೊಂಡಾ ಜಾಜ್ ಕಾರು, ಸ್ಕೂಟರ್ ಹೊಂದಿದ್ದಾರೆ ಎಂದು ಲೋಕಾಯುಕ್ತ ಎಸ್ಪಿ ಸಿದ್ದರಾಜು ತಿಳಿಸಿದ್ದಾರೆ. ಬೀದರ್ ಜಿಲ್ಲೆಯ ಹುಮನಾಬಾದ್ ತಾಲ್ಲೂಕಿನ ಹಳ್ಳಿಖೇಡ್ (ಬಿ) ಗ್ರಾಮದ ನಿವಾಸಿಯಾಗಿರುವ ಸುನೀಲ್ ಅವರ ಹಳ್ಳಿಯಲ್ಲಿರುವ ಮನೆ, ಬೀದರ್‌ನ ಶೈಲ್ ರಸ್ತೆ ಸರ್ದಾರ್ ವಲ್ಲಭಭಾಯ್ ಪಟೇಲ್ ನಗರದ ನಿವಾಸ, ಕಲಬುರಗಿಯಲ್ಲಿ ಅವರು ಕೆಲಸ ನಿರ್ವಹಿಸುತ್ತಿರುವ ಕಚೇರಿ ಮತ್ತು ಬಾಡಿಗೆ ಮನೆ ಮೇಲೆ ಏಕಕಾಲಕ್ಕೆ ದಾಳಿ ನಡೆಸಲಾಗಿದೆ ಎಂದು ಮಾಹಿತಿ ನೀಡಿದ್ದಾರೆ.
ಹೊಸಪೇಟೆ (ವಿಜಯನಗರ): ತಾಲ್ಲೂಕಿನ ಜಾಣಕಟ್ಟ ಗ್ರಾಮದ ಬಳಿ ಅಕ್ರಮ ಕಲ್ಲು ಗಣಿಗಾರಿಕೆ ನಡೆಯುತ್ತಿರುವುದನ್ನು ಅಧಿಕಾರಿಗಳು ಪತ್ತೆ ಮಾಡಿದ್ದು, ಒಂದಷ್ಟು ಮಂದಿ ವಿರುದ್ಧ ಗ್ರಾಮೀಣ ಠಾಣೆಯಲ್ಲಿ ಪ್ರಕರಣ ದಾಖಲಾಗಿದೆ.
ರಸ್ತೆತಡೆಯಿಂದಲೇ ಅಪಘಾತ ಆಗುವುದು ಸಲ್ಲ
ಪ್ರತ್ಯಕ್ಷ ನಾಡು ವರದಿ
ಹೊಸಪೇಟೆ (ವಿಜಯನಗರ): ನಗರ ಮತ್ತು ಪಟ್ಟಣಗಳ ರಸ್ತೆಗಳಲ್ಲಿ, ಪ್ರಮುಖ ವೃತ್ತಗಳಲ್ಲಿ ರಸ್ತೆ ಅಪಘಾತಗಳನ್ನು ತಪ್ಪಿಸಲು ಸ್ಥಳ ಗುರುತಿಸಿ ಶೀಘ್ರವೇ ವೈಜ್ಞಾನಿಕವಾಗಿ ರಸ್ತೆತಡೆಗಳನ್ನು ಅಳವಡಿಸಬೇಕು. ರಸ್ತೆತಡೆಗಳಿಂದಲೇ ಅಪಘಾತ ಆಗದಂತೆ ಎಚ್ಚರ ವಹಿಸಬೇಕು ಎಂದು ಎಂ.ಎಸ್.ದಿವಾಕರ್ ಸೂಚನೆ ನೀಡಿದರು. ನಮ್ಮ ಕಚೇರಿಯಲ್ಲಿ ಬುಧವಾರ ಜಿಲ್ಲಾ ರಸ್ತೆ ಸುರಕ್ಷತಾ ಸಮಿತಿ ಸಭೆಯ ಅಧ್ಯಕ್ಷತೆ ವಹಿಸಿ ಮಾತನಾಡಿದ ಅವರು, ಪಟ್ಟಣಗಳಲ್ಲಿ ವೇಗವಾಗಿ ವಾಹನಗಳನ್ನು ಚಲಾಯಿಸುತ್ತಿರುವ ಅನೇಕ ದೂರುಗಳು ಬಂದ ಕಾರಣ ವೇಗ ನಿಯಂತ್ರಣಕ್ಕೆ ಸ್ಪೀಡ್ ರಸ್ತೆ ತಡೆಗಳನ್ನು ಅಳವಡಿಸಬೇಕಾಗಿದೆ
ಎಂದು ಲೋಕೋಪಯೋಗಿ ಇಲಾಖೆ ಅಧಿಕಾರಿಗಳಿಗೆ ತಿಳಿಸಿದರು. 'ಶಾಲಾ ಕಾಲೇಜುಗಳ ರಸ್ತೆ ಸೇರಿದಂತೆ ಜನ ವಾಹನಗಳ ಸಂಚಾರವಿರುವ ರಸ್ತೆಗಳಲ್ಲಿ ಗುರುತಿಸಬೇಕು. ಅನೇಕ ಅಪಘಾತಗಳಲ್ಲಿ ಸಾವಿನ
ಪ್ರಕರಣಗಳಲ್ಲಿ ದಿವ್ಯಾರೂ, ಸವಾರರ ಗಂಭೀರ ಗಾಯಗೊಂಡಿರುವ ವಿವರಗಳ ಇವೆ. ಹೀಗಾಗಿ ವಾಹನಗಳ ವೇಗ ನಿಯಂತ್ರಣ ಅತ್ಯವಶ್ಯವಾಗಿದೆ' ಎಂದು ಅವರು ತಿಳಿಸಿದರು. ರಸ್ತೆಯಲ್ಲಿ ನೀರು ನಿಲ್ಲದಂತೆ:
ಹೊಸಪೇಟೆ ನಗರದಲ್ಲಿ ಮಳೆಯಿಂದಾಗಿ ರಸ್ತೆ ಮೇಲೆ ಅಲ್ಲಲ್ಲಿ ನೀರು ಸಂಗ್ರಹವಾಗುತ್ತಿದೆ. ರಸ್ತೆಯ ಮೇಲಿನ ನೀರು ಸರಾಗವಾಗಿ ಚರಂಡಿಗಳಿಗೆ ಹರಿಯುವಂತೆ ಕ್ರಮ ವಹಿಸಬೇಕು. ರಾಷ್ಟ್ರೀಯ ಹೆದ್ದಾರಿ ಹೊಸಪೇಟೆ ರಸ್ತೆಯ ಬಳಿ 300 ಮೀಟರ್ ಉದ್ದದ ಚರಂಡಿ ನಿರ್ಮಿಸಬೇಕು, ಅಲ್ಲಿ ರಸ್ತೆಯ ಮೇಲಿನ ಕಸ ತೆರವುಗೊಳಿಸಬೇಕು ಎಂದು ಜಿಲ್ಲಾಧಿಕಾರಿ ಸೂಚಿಸಿದರು. ಜವಗೆನ್ನ ರಸ್ತೆ 'ಅರಳಿಕೆರೆಯಿಂದ ಮತ್ತಿಹಳ್ಳಿಗೆ ಹೋಗುವ ಎರಡು ಕಿಲೋಮೀಟರ್ ರಸ್ತೆ ವಾಹನ ಸಂಚಾರಕ್ಕೆ ಯೋಗ್ಯ ಎಂಬಷ್ಟು ಮಟ್ಟಿಗೆ ಕೆಟ್ಟುಹೋಗಿದೆ. ಅದರ ಬಗ್ಗೆ ತುರ್ತು ಗಮನ ಹರಿಸಬೇಕು. ಮರಿಯಮ್ಮನಹಳ್ಳಿಯ ಹತ್ತಿರ ಡಣಾಯಕನಕೆರೆ, ದೇವಲಾಪುರ ಮತ್ತು ಗೊಲ್ಲರಹಳ್ಳಿಗಳಲ್ಲಿ ಬ್ಲಾಕ್
ಸ್ಪಾಟ್ ಬಳಿ ಲೈಟ್ ಮತ್ತು ರಸ್ತೆತಡೆಗಳನ್ನು ಅಳವಡಿಸಬೇಕು. ನಿರಂತರ ಮಳೆಯಿಂದಾಗಿ ರಸ್ತೆಗಳಲ್ಲಿ ಗುಂಡಿಗಳಲ್ಲಿ ನೀರು ನಿಲ್ಲದಂತೆ ಮುಚ್ಚಲು ಕ್ರಮವಹಿಸಬೇಕು' ಎಂದು ಅವರು ಸೂಚನೆ ನೀಡಿದರು. ರಾಷ್ಟ್ರೀಯ ಹೆದ್ದಾರಿ ಪ್ರಾಧಿಕಾರದ ಅಧಿಕಾರಿಗಳು ಮಾತನಾಡಿ, ರಾಷ್ಟ್ರೀಯ ಹೆದ್ದಾರಿಯಲ್ಲಿ ಒಟ್ಟು 6 ಕಡೆ ಬ್ಲಾಕ್ ಸ್ಪಾಟ್‌ಗಳನ್ನು ಗುರುತಿಸಲಾಗಿದ್ದು, ಈಗಾಗಲೇ 5 ಬ್ಲಾಕ್ ಸ್ಪಾಟ್‌ಗಳನ್ನು ಸರಿಪಡಿಸಲಾಗಿದೆ. ಉಳಿದ 1 ಬ್ಲಾಕ್ ಸ್ಪಾಟ್‌ನ್ನು ಆದಷ್ಟು ಬೇಗ ಪೂರ್ಣಗೊಳಿಸಲು ಅಧಿಕಾರಿಗಳಿಗೆ ತಿಳಿಸಲಾಗಿದೆ ಎಂದರು. ಸಭೆಯಲ್ಲಿ ಸಾರಿಗೆ ಇಲಾಖೆ, ಪಿಡಬ್ಲ್ಯುಡಿ, ಎನ್‌ಎಚ್‌ಎಐ ಸೇರಿ ವಿವಿಧ ಇಲಾಖೆಗಳ ಜಿಲ್ಲಾ ಮಟ್ಟದ ಅಧಿಕಾರಿಗಳು ಭಾಗವಹಿಸಿದ್ದರು.
